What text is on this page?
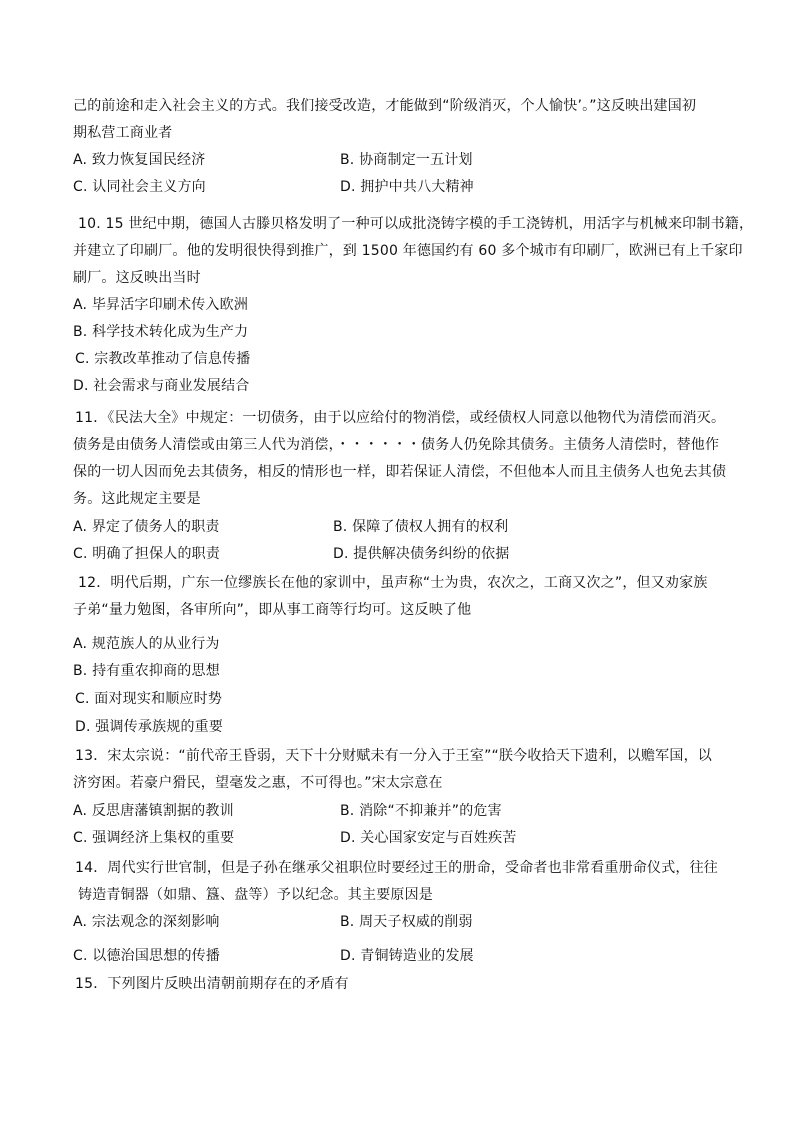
己的前途和走入社会主义的方式。我们接受改造，才能做到“阶级消灭，个人愉快’。”这反映出建国初
期私营工商业者
A. 致力恢复国民经济	B. 协商制定一五计划
C. 认同社会主义方向	D. 拥护中共八大精神
10. 15 世纪中期，德国人古滕贝格发明了一种可以成批浇铸字模的手工浇铸机，用活字与机械来印制书籍，
并建立了印刷厂。他的发明很快得到推广，到 1500 年德国约有 60 多个城市有印刷厂，欧洲已有上千家印
刷厂。这反映出当时
A. 毕昇活字印刷术传入欧洲
B. 科学技术转化成为生产力
C. 宗教改革推动了信息传播
D. 社会需求与商业发展结合
11．《民法大全》中规定：一切债务，由于以应给付的物消偿，或经债权人同意以他物代为清偿而消灭。
债务是由债务人清偿或由第三人代为消偿，・・・・・・债务人仍免除其债务。主债务人清偿时，替他作
保的一切人因而免去其债务，相反的情形也一样，即若保证人清偿，不但他本人而且主债务人也免去其债
务。这此规定主要是
A. 界定了债务人的职责	B. 保障了债权人拥有的权利
C. 明确了担保人的职责	D. 提供解决债务纠纷的依据
12．明代后期，广东一位缪族长在他的家训中，虽声称“士为贵，农次之，工商又次之”，但又劝家族
子弟“量力勉图，各审所向”，即从事工商等行均可。这反映了他
A. 规范族人的从业行为
B. 持有重农抑商的思想
C. 面对现实和顺应时势
D. 强调传承族规的重要
13．宋太宗说：“前代帝王昏弱，天下十分财赋未有一分入于王室”“朕今收拾天下遗利，以赡军国，以
济穷困。若豪户猾民，望毫发之惠，不可得也。”宋太宗意在
A. 反思唐藩镇割据的教训	B. 消除“不抑兼并”的危害
C. 强调经济上集权的重要	D. 关心国家安定与百姓疾苦
14．周代实行世官制，但是子孙在继承父祖职位时要经过王的册命，受命者也非常看重册命仪式，往往
铸造青铜器（如鼎、簋、盘等）予以纪念。其主要原因是
A. 宗法观念的深刻影响	B. 周天子权威的削弱
C. 以德治国思想的传播	D. 青铜铸造业的发展
15．下列图片反映出清朝前期存在的矛盾有
